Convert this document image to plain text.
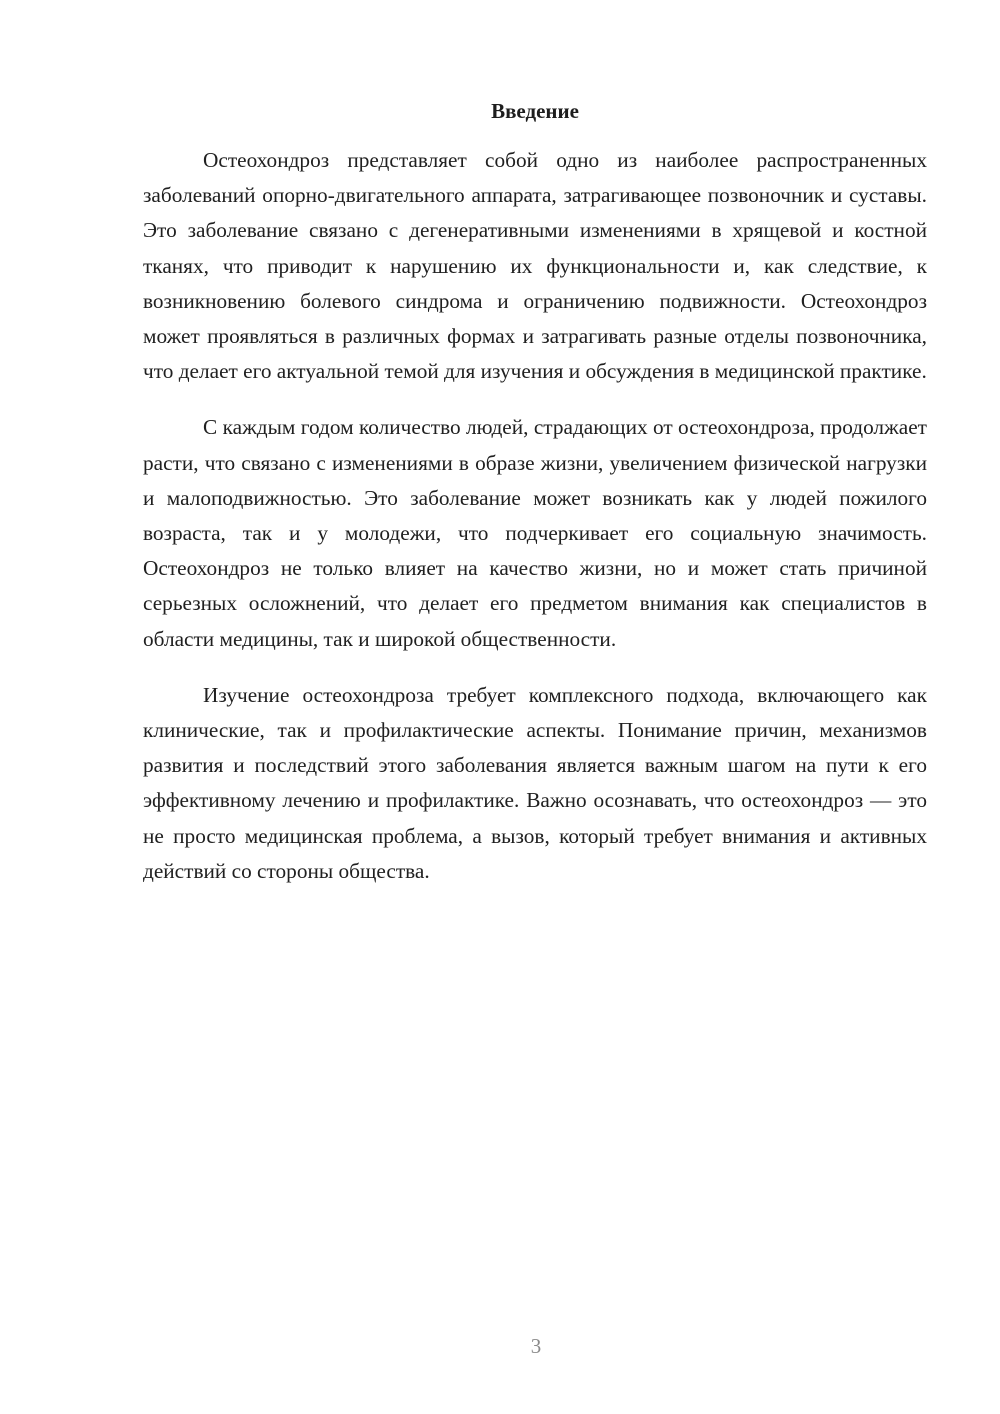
Введение

Остеохондроз представляет собой одно из наиболее распространенных заболеваний опорно-двигательного аппарата, затрагивающее позвоночник и суставы. Это заболевание связано с дегенеративными изменениями в хрящевой и костной тканях, что приводит к нарушению их функциональности и, как следствие, к возникновению болевого синдрома и ограничению подвижности. Остеохондроз может проявляться в различных формах и затрагивать разные отделы позвоночника, что делает его актуальной темой для изучения и обсуждения в медицинской практике.

С каждым годом количество людей, страдающих от остеохондроза, продолжает расти, что связано с изменениями в образе жизни, увеличением физической нагрузки и малоподвижностью. Это заболевание может возникать как у людей пожилого возраста, так и у молодежи, что подчеркивает его социальную значимость. Остеохондроз не только влияет на качество жизни, но и может стать причиной серьезных осложнений, что делает его предметом внимания как специалистов в области медицины, так и широкой общественности.

Изучение остеохондроза требует комплексного подхода, включающего как клинические, так и профилактические аспекты. Понимание причин, механизмов развития и последствий этого заболевания является важным шагом на пути к его эффективному лечению и профилактике. Важно осознавать, что остеохондроз — это не просто медицинская проблема, а вызов, который требует внимания и активных действий со стороны общества.

3
